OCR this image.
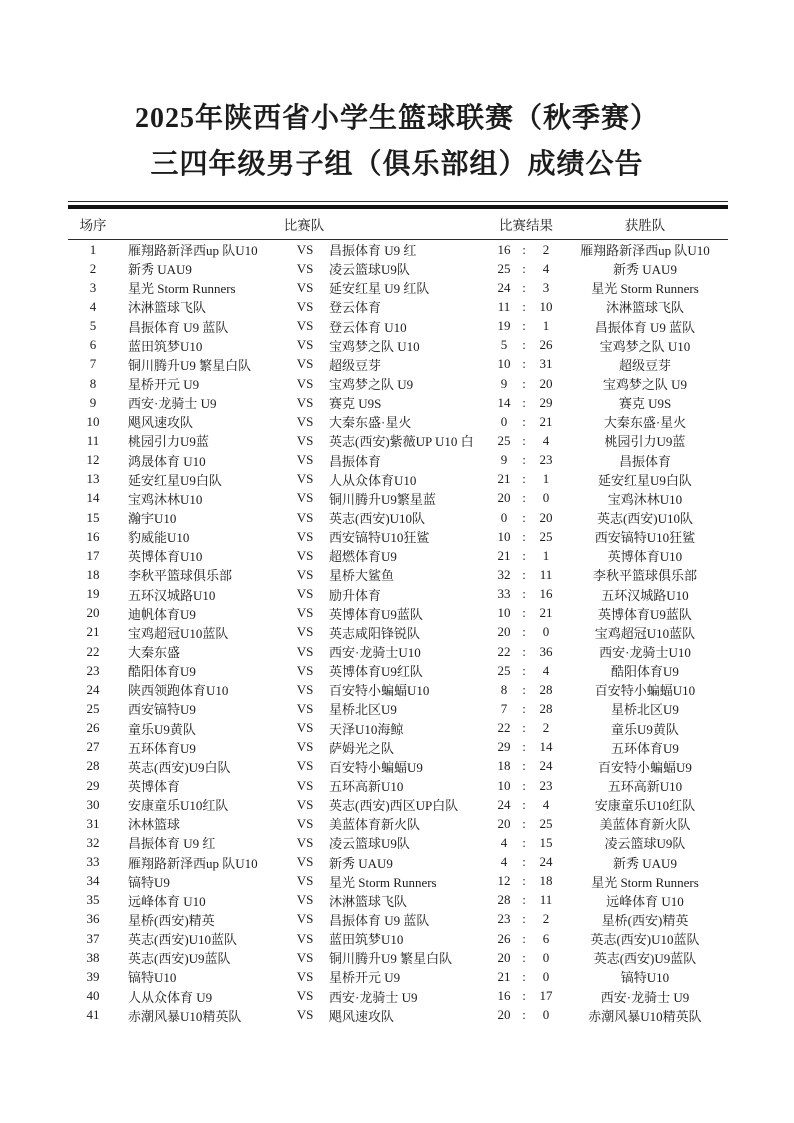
2025年陕西省小学生篮球联赛（秋季赛）
三四年级男子组（俱乐部组）成绩公告
场序	比赛队	比赛结果	获胜队
1	雁翔路新泽西up 队U10	VS	昌振体育 U9 红	16 :	2	雁翔路新泽西up 队U10
2	新秀 UAU9	VS	凌云篮球U9队	25 :	4	新秀 UAU9
3	星光 Storm Runners	VS	延安红星 U9 红队	24 :	3	星光 Storm Runners
4	沐淋篮球飞队	VS	登云体育	11 :	10	沐淋篮球飞队
5	昌振体育 U9 蓝队	VS	登云体育 U10	19 :	1	昌振体育 U9 蓝队
6	蓝田筑梦U10	VS	宝鸡梦之队 U10	5	:	26	宝鸡梦之队 U10
7	铜川腾升U9 繁星白队	VS	超级豆芽	10 :	31	超级豆芽
8	星桥开元 U9	VS	宝鸡梦之队 U9	9	:	20	宝鸡梦之队 U9
9	西安·龙骑士 U9	VS	赛克 U9S	14 :	29	赛克 U9S
10	飓风速攻队	VS	大秦东盛·星火	0	:	21	大秦东盛·星火
11	桃园引力U9蓝	VS	英志(西安)紫薇UP U10 白	25 :	4	桃园引力U9蓝
12	鸿晟体育 U10	VS	昌振体育	9	:	23	昌振体育
13	延安红星U9白队	VS	人从众体育U10	21 :	1	延安红星U9白队
14	宝鸡沐林U10	VS	铜川腾升U9繁星蓝	20 :	0	宝鸡沐林U10
15	瀚宇U10	VS	英志(西安)U10队	0	:	20	英志(西安)U10队
16	豹威能U10	VS	西安镐特U10狂鲨	10 :	25	西安镐特U10狂鲨
17	英博体育U10	VS	超燃体育U9	21 :	1	英博体育U10
18	李秋平篮球俱乐部	VS	星桥大鲨鱼	32 :	11	李秋平篮球俱乐部
19	五环汉城路U10	VS	励升体育	33 :	16	五环汉城路U10
20	迪帆体育U9	VS	英博体育U9蓝队	10 :	21	英博体育U9蓝队
21	宝鸡超冠U10蓝队	VS	英志咸阳锋锐队	20 :	0	宝鸡超冠U10蓝队
22	大秦东盛	VS	西安·龙骑士U10	22 :	36	西安·龙骑士U10
23	酷阳体育U9	VS	英博体育U9红队	25 :	4	酷阳体育U9
24	陕西领跑体育U10	VS	百安特小蝙蝠U10	8	:	28	百安特小蝙蝠U10
25	西安镐特U9	VS	星桥北区U9	7	:	28	星桥北区U9
26	童乐U9黄队	VS	天泽U10海鲸	22 :	2	童乐U9黄队
27	五环体育U9	VS	萨姆光之队	29 :	14	五环体育U9
28	英志(西安)U9白队	VS	百安特小蝙蝠U9	18 :	24	百安特小蝙蝠U9
29	英博体育	VS	五环高新U10	10 :	23	五环高新U10
30	安康童乐U10红队	VS	英志(西安)西区UP白队	24 :	4	安康童乐U10红队
31	沐林篮球	VS	美蓝体育新火队	20 :	25	美蓝体育新火队
32	昌振体育 U9 红	VS	凌云篮球U9队	4	:	15	凌云篮球U9队
33	雁翔路新泽西up 队U10	VS	新秀 UAU9	4	:	24	新秀 UAU9
34	镐特U9	VS	星光 Storm Runners	12 :	18	星光 Storm Runners
35	远峰体育 U10	VS	沐淋篮球飞队	28 :	11	远峰体育 U10
36	星桥(西安)精英	VS	昌振体育 U9 蓝队	23 :	2	星桥(西安)精英
37	英志(西安)U10蓝队	VS	蓝田筑梦U10	26 :	6	英志(西安)U10蓝队
38	英志(西安)U9蓝队	VS	铜川腾升U9 繁星白队	20 :	0	英志(西安)U9蓝队
39	镐特U10	VS	星桥开元 U9	21 :	0	镐特U10
40	人从众体育 U9	VS	西安·龙骑士 U9	16 :	17	西安·龙骑士 U9
41	赤潮风暴U10精英队	VS	飓风速攻队	20 :	0	赤潮风暴U10精英队
